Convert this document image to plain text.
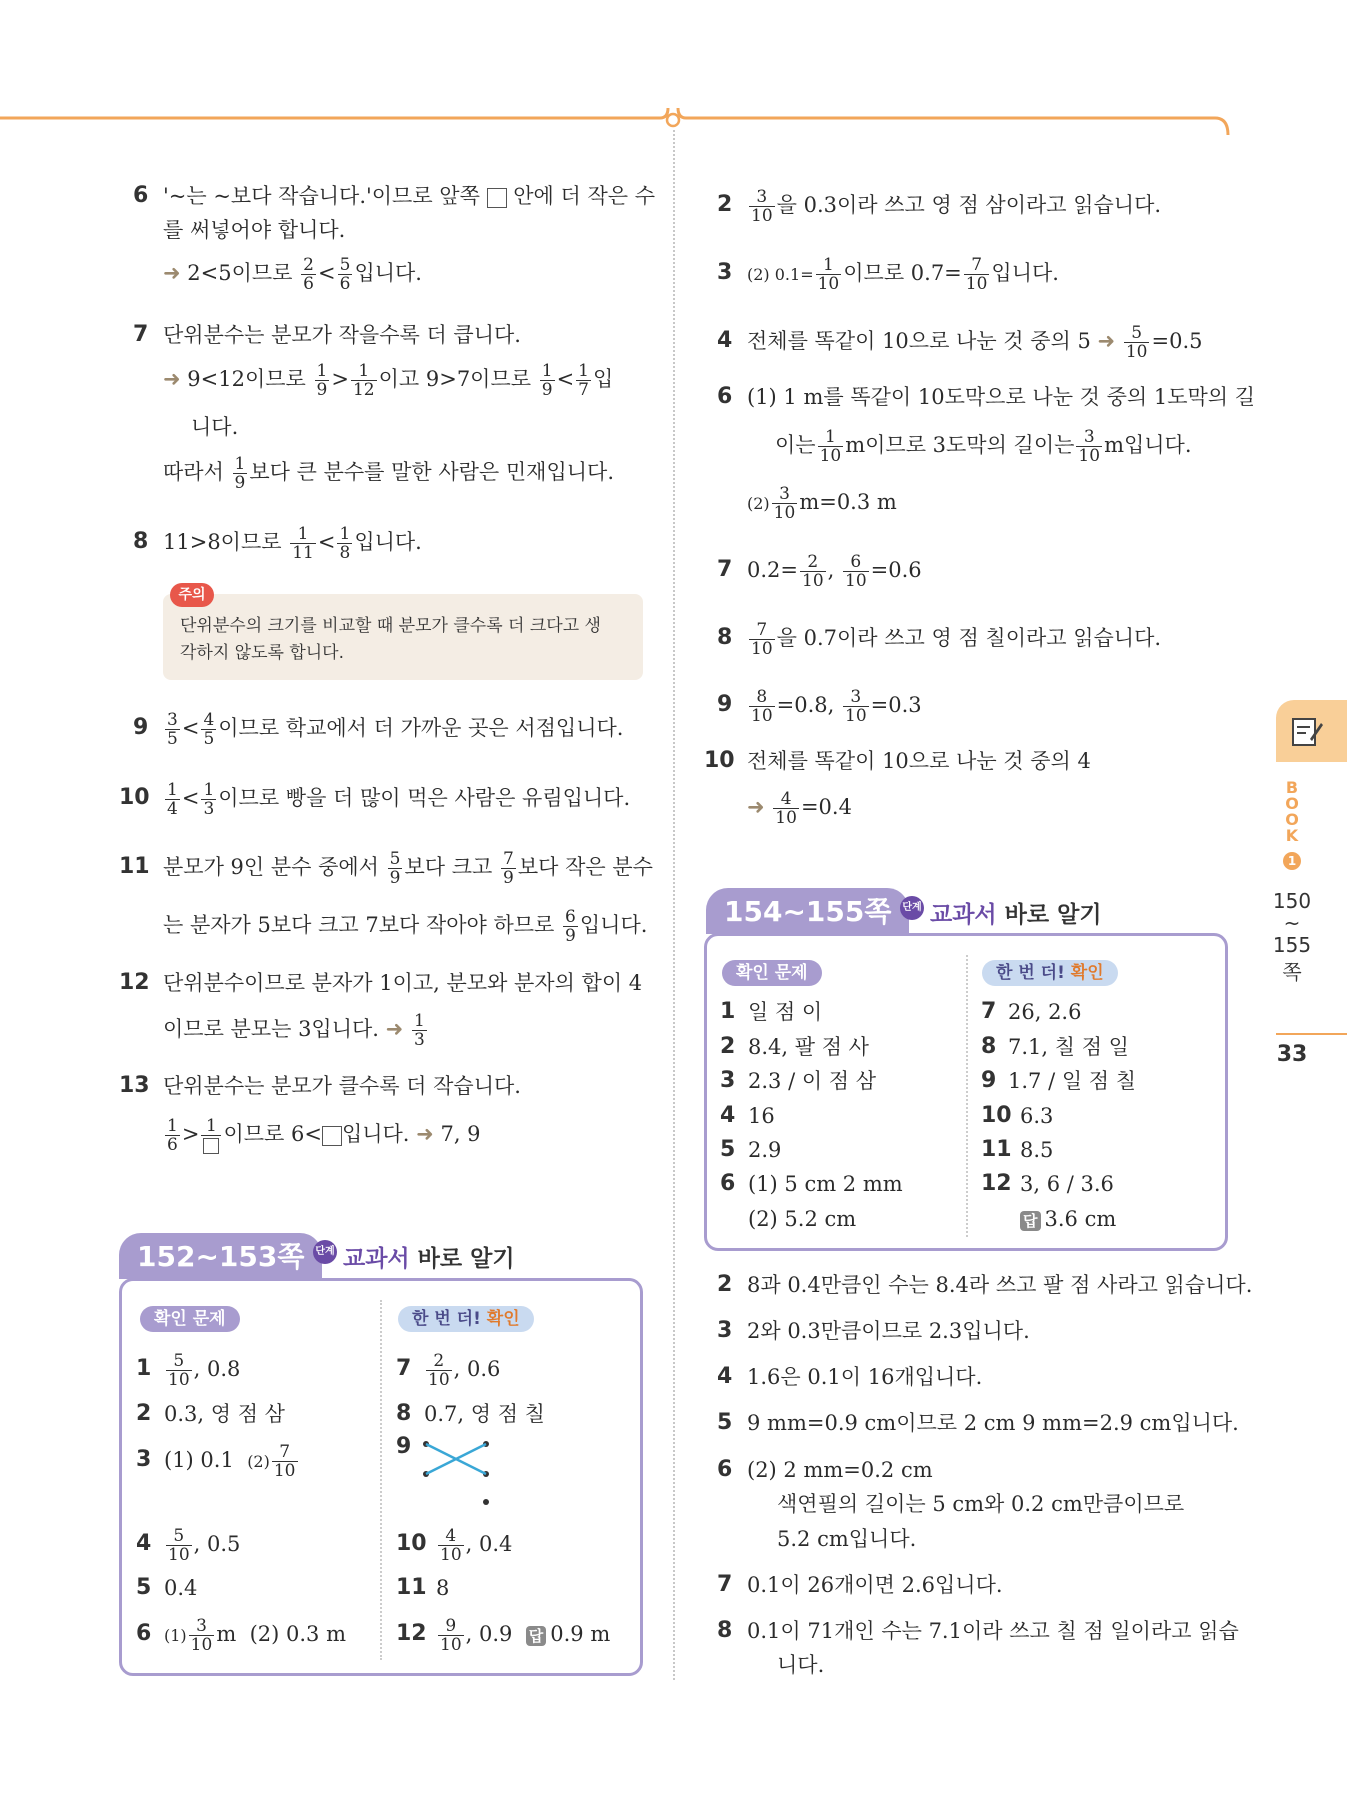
BOOK
1
150
~
155
쪽
33
6 '~는 ~보다 작습니다.'이므로 앞쪽 안에 더 작은 수
를 써넣어야 합니다.
➜ 2<5이므로 $\frac{2}{6} < \frac{5}{6}$ 입니다.
7 단위분수는 분모가 작을수록 더 큽니다.
➜ 9<12이므로 $\frac{1}{9} > \frac{1}{12}$ 이고 9>7이므로 $\frac{1}{9} < \frac{1}{7}$ 입
니다.
따라서 $\frac{1}{9}$ 보다 큰 분수를 말한 사람은 민재입니다.
8 11>8이므로 $\frac{1}{11} < \frac{1}{8}$ 입니다.
주의
단위분수의 크기를 비교할 때 분모가 클수록 더 크다고 생
각하지 않도록 합니다.
$9 \frac{3}{5} < \frac{4}{5}$ 이므로 학교에서 더 가까운 곳은 서점입니다.
$10 \frac{1}{4} < \frac{1}{3}$ 이므로 빵을 더 많이 먹은 사람은 유림입니다.
11 분모가 9인 분수 중에서 $\frac{5}{9}$ 보다 크고 $\frac{7}{9}$ 보다 작은 분수
는 분자가 5보다 크고 7보다 작아야 하므로 $\frac{6}{9}$ 입니다.
12 단위분수이므로 분자가 1이고, 분모와 분자의 합이 4
이므로 분모는 3입니다. ➜ $\frac{1}{3}$
13 단위분수는 분모가 클수록 더 작습니다.
$\frac{1}{6} > 1$ 이므로 6< 입니다. ➜ 7, 9
152~153쪽	단계 교과서 바로 알기
확인 문제	한 번 더! 확인
$1 \frac{5}{10}$ , 0.8
2 0.3, 영 점 삼
3 (1) 0.1 $(2) \frac{7}{10}$
$4 \frac{5}{10}$ , 0.5
5 0.4
6 $(1) \frac{3}{10}$ m (2) 0.3 m
$7 \frac{2}{10}$ , 0.6
8 0.7, 영 점 칠
9
$10 \frac{4}{10}$ , 0.4
11 8
$12 \frac{9}{10}$ , 0.9 답 0.9 m
$2 \frac{3}{10}$ 을 0.3이라 쓰고 영 점 삼이라고 읽습니다.
3 (2) $0.1= \frac{1}{10}$ 이므로 $0.7= \frac{7}{10}$ 입니다.
4 전체를 똑같이 10으로 나눈 것 중의 5 ➜ $\frac{5}{10} =0.5$
6 (1) 1 m를 똑같이 10도막으로 나눈 것 중의 1도막의 길
이는 $\frac{1}{10}$ m이므로 3도막의 길이는 $\frac{3}{10}$ m입니다.
$(2) \frac{3}{10} m=0.3$ m
7 $0.2= \frac{2}{10}$ , $\frac{6}{10} =0.6$
$8 \frac{7}{10}$ 을 0.7이라 쓰고 영 점 칠이라고 읽습니다.
$9 \frac{8}{10} =0.8$, $\frac{3}{10} =0.3$
10 전체를 똑같이 10으로 나눈 것 중의 4
➜ $\frac{4}{10} =0.4$
154~155쪽	단계 교과서 바로 알기
확인 문제	한 번 더! 확인
1 일 점 이
2 8.4, 팔 점 사
3 2.3 / 이 점 삼
4 16
5 2.9
6 (1) 5 cm 2 mm
(2) 5.2 cm
7 26, 2.6
8 7.1, 칠 점 일
9 1.7 / 일 점 칠
10 6.3
11 8.5
12 3, 6 / 3.6
답 3.6 cm
2 8과 0.4만큼인 수는 8.4라 쓰고 팔 점 사라고 읽습니다.
3 2와 0.3만큼이므로 2.3입니다.
4 1.6은 0.1이 16개입니다.
5 9 mm=0.9 cm이므로 2 cm 9 mm=2.9 cm입니다.
6 (2) 2 mm=0.2 cm
색연필의 길이는 5 cm와 0.2 cm만큼이므로
5.2 cm입니다.
7 0.1이 26개이면 2.6입니다.
8 0.1이 71개인 수는 7.1이라 쓰고 칠 점 일이라고 읽습
니다.
